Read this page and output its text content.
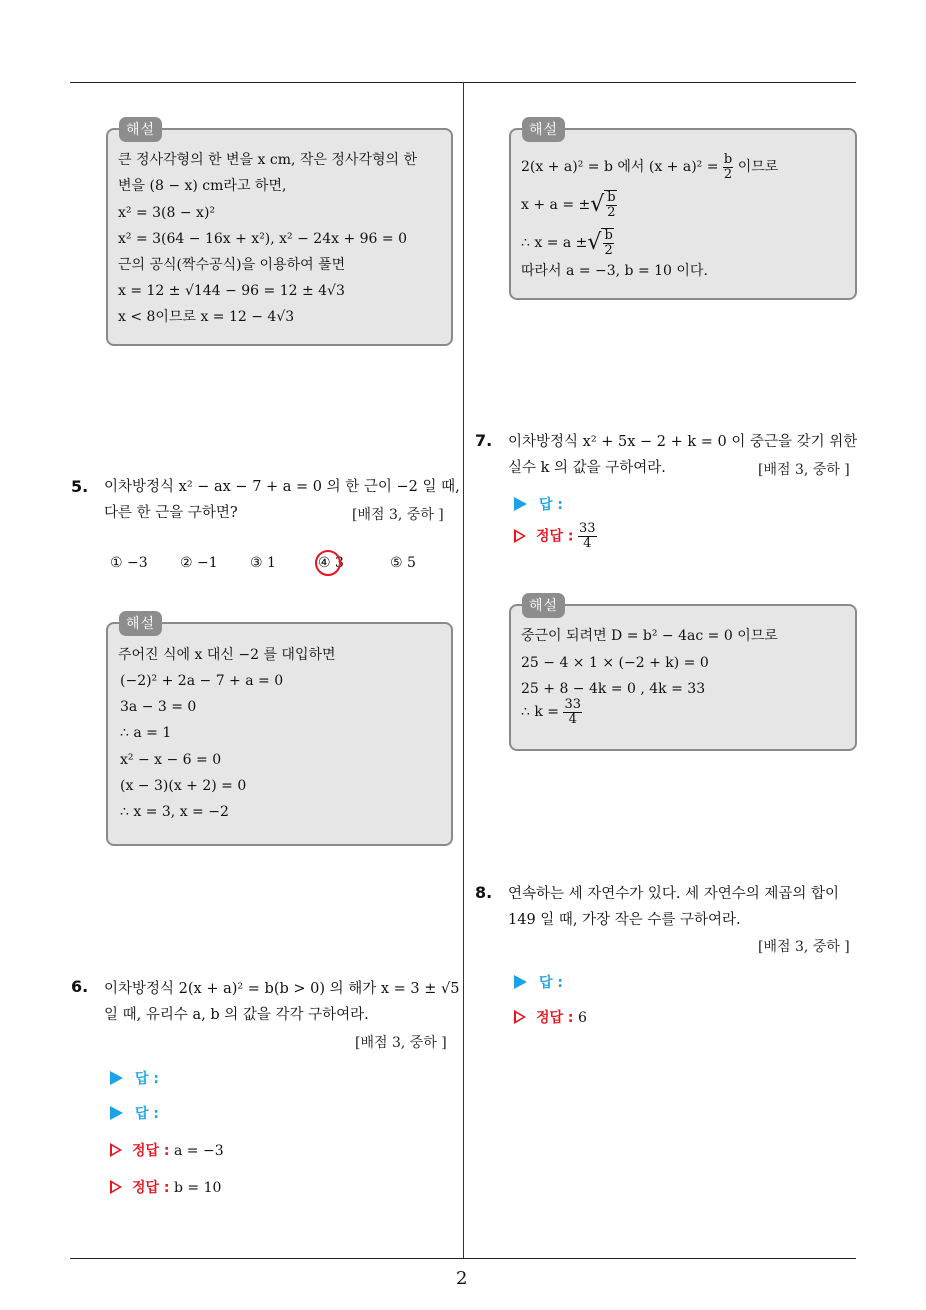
2
해설
큰 정사각형의 한 변을 x cm, 작은 정사각형의 한
변을 (8 − x) cm라고 하면,
x² = 3(8 − x)²
x² = 3(64 − 16x + x²), x² − 24x + 96 = 0
근의 공식(짝수공식)을 이용하여 풀면
x = 12 ± √144 − 96 = 12 ± 4√3
x < 8이므로 x = 12 − 4√3
5. 이차방정식 x² − ax − 7 + a = 0 의 한 근이 −2 일 때,
다른 한 근을 구하면?	[배점 3, 중하 ]
① −3 ② −1 ③ 1	④ 3	⑤ 5
해설
주어진 식에 x 대신 −2 를 대입하면
(−2)² + 2a − 7 + a = 0
3a − 3 = 0
∴ a = 1
x² − x − 6 = 0
(x − 3)(x + 2) = 0
∴ x = 3, x = −2
6. 이차방정식 2(x + a)² = b(b > 0) 의 해가 x = 3 ± √5
일 때, 유리수 a, b 의 값을 각각 구하여라.
[배점 3, 중하 ]
답 :
답 :
정답 : a = −3
정답 : b = 10
해설
2(x + a)² = b 에서 $(x + a)^2 = \frac{b}{2}$ 이므로
x + a = ±√ $\frac{b}{2}$
∴ x = a ±√ $\frac{b}{2}$
따라서 a = −3, b = 10 이다.
7. 이차방정식 x² + 5x − 2 + k = 0 이 중근을 갖기 위한
실수 k 의 값을 구하여라.	[배점 3, 중하 ]
답 :
정답 : $\frac{33}{4}$
해설
중근이 되려면 D = b² − 4ac = 0 이므로
25 − 4 × 1 × (−2 + k) = 0
25 + 8 − 4k = 0 , 4k = 33
∴ $k = \frac{33}{4}$
8. 연속하는 세 자연수가 있다. 세 자연수의 제곱의 합이
149 일 때, 가장 작은 수를 구하여라.
[배점 3, 중하 ]
답 :
정답 : 6
